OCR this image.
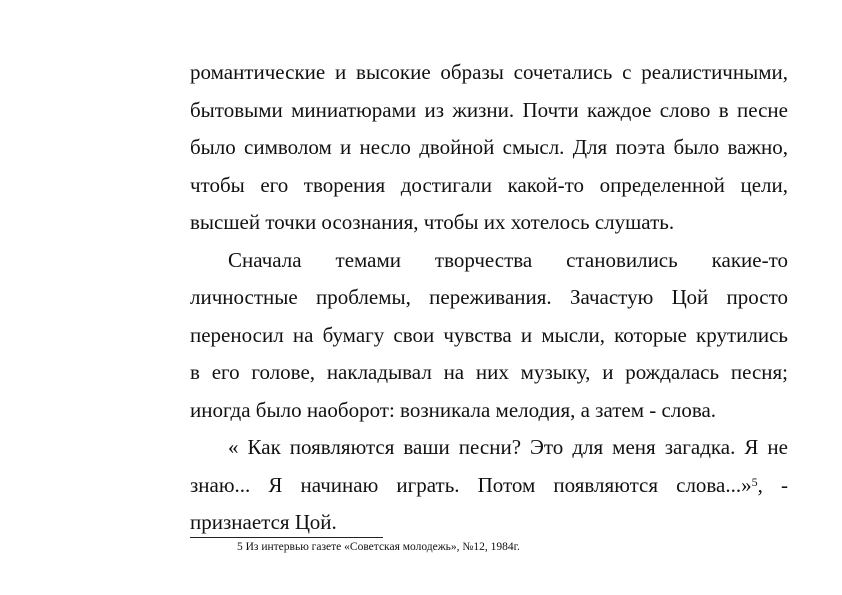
романтические и высокие образы сочетались с реалистичными,
бытовыми миниатюрами из жизни. Почти каждое слово в песне
было символом и несло двойной смысл. Для поэта было важно,
чтобы его творения достигали какой-то определенной цели,
высшей точки осознания, чтобы их хотелось слушать.
Сначала темами творчества становились какие-то
личностные проблемы, переживания. Зачастую Цой просто
переносил на бумагу свои чувства и мысли, которые крутились
в его голове, накладывал на них музыку, и рождалась песня;
иногда было наоборот: возникала мелодия, а затем - слова.
« Как появляются ваши песни? Это для меня загадка. Я не
знаю... Я начинаю играть. Потом появляются слова...»$^5$, -
признается Цой.
5 Из интервью газете «Советская молодежь», №12, 1984г.
